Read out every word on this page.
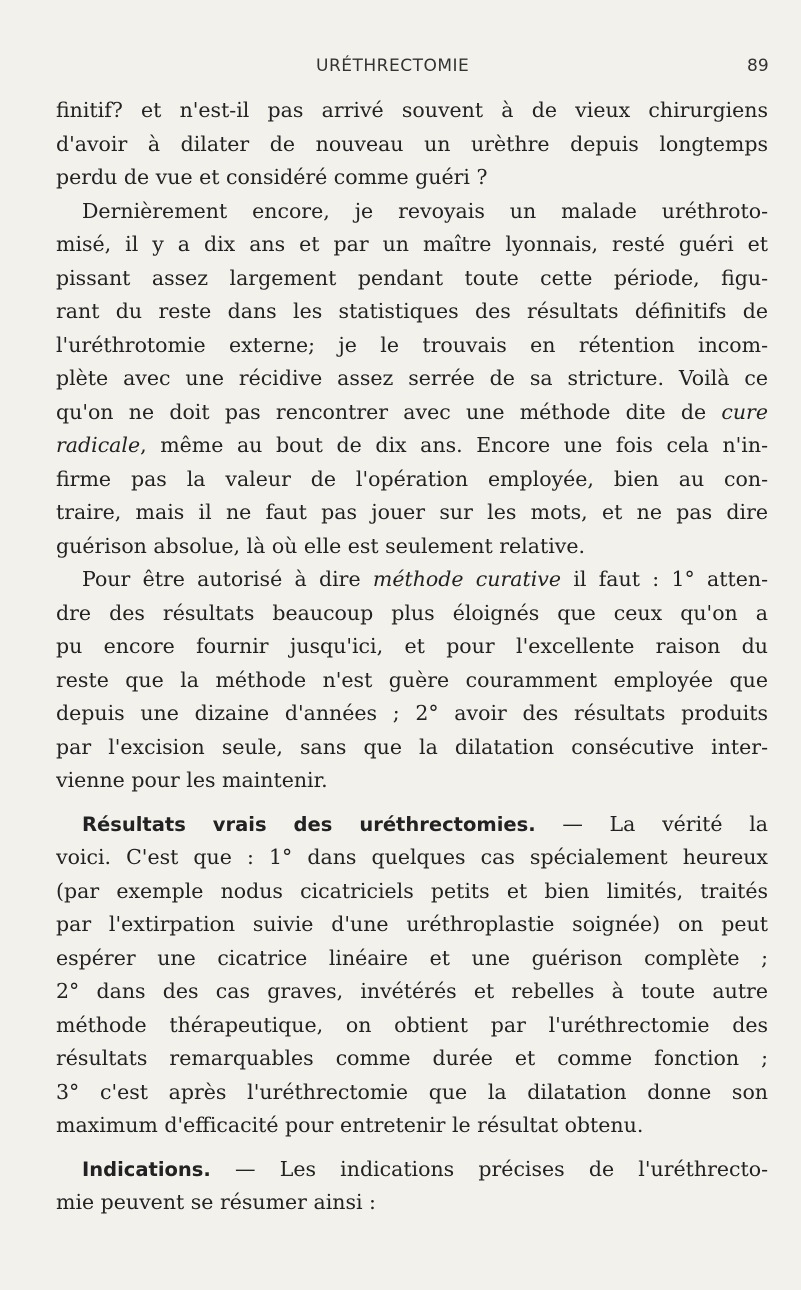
URÉTHRECTOMIE	89
finitif? et n'est-il pas arrivé souvent à de vieux chirurgiens
d'avoir à dilater de nouveau un urèthre depuis longtemps
perdu de vue et considéré comme guéri ?
Dernièrement encore, je revoyais un malade uréthroto-
misé, il y a dix ans et par un maître lyonnais, resté guéri et
pissant assez largement pendant toute cette période, figu-
rant du reste dans les statistiques des résultats définitifs de
l'uréthrotomie externe; je le trouvais en rétention incom-
plète avec une récidive assez serrée de sa stricture. Voilà ce
qu'on ne doit pas rencontrer avec une méthode dite de cure
radicale, même au bout de dix ans. Encore une fois cela n'in-
firme pas la valeur de l'opération employée, bien au con-
traire, mais il ne faut pas jouer sur les mots, et ne pas dire
guérison absolue, là où elle est seulement relative.
Pour être autorisé à dire méthode curative il faut : 1° atten-
dre des résultats beaucoup plus éloignés que ceux qu'on a
pu encore fournir jusqu'ici, et pour l'excellente raison du
reste que la méthode n'est guère couramment employée que
depuis une dizaine d'années ; 2° avoir des résultats produits
par l'excision seule, sans que la dilatation consécutive inter-
vienne pour les maintenir.
Résultats vrais des uréthrectomies. — La vérité la
voici. C'est que : 1° dans quelques cas spécialement heureux
(par exemple nodus cicatriciels petits et bien limités, traités
par l'extirpation suivie d'une uréthroplastie soignée) on peut
espérer une cicatrice linéaire et une guérison complète ;
2° dans des cas graves, invétérés et rebelles à toute autre
méthode thérapeutique, on obtient par l'uréthrectomie des
résultats remarquables comme durée et comme fonction ;
3° c'est après l'uréthrectomie que la dilatation donne son
maximum d'efficacité pour entretenir le résultat obtenu.
Indications. — Les indications précises de l'uréthrecto-
mie peuvent se résumer ainsi :
